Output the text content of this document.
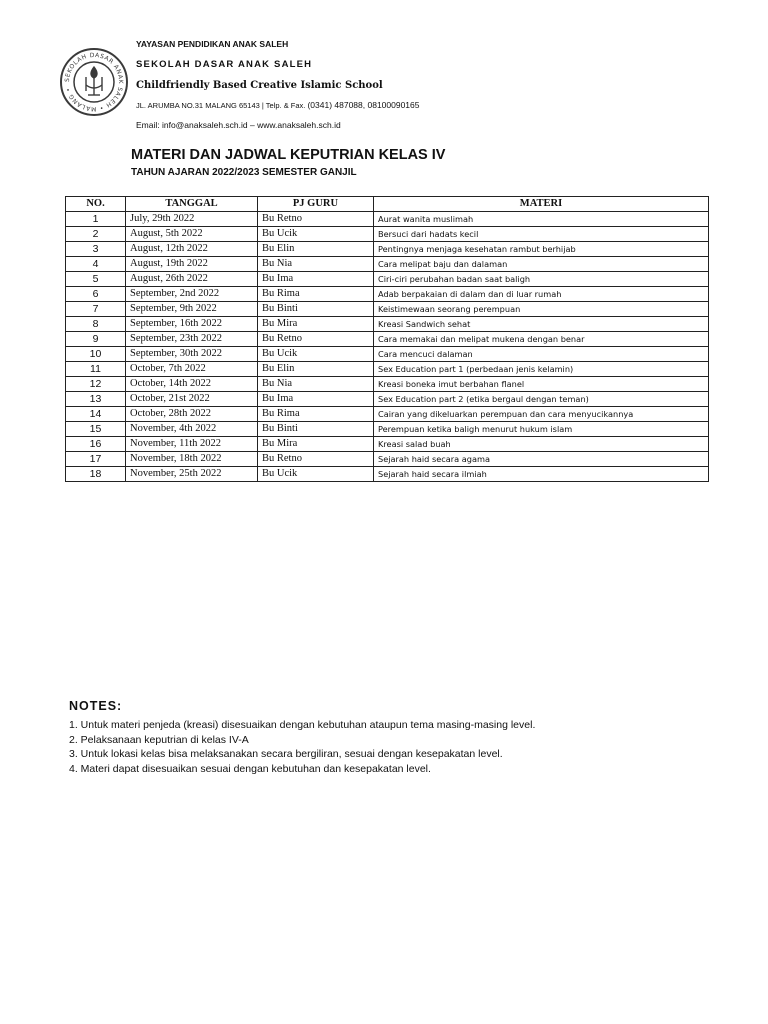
SEKOLAH DASAR ANAK SALEH • MALANG •
YAYASAN PENDIDIKAN ANAK SALEH
SEKOLAH DASAR ANAK SALEH
Childfriendly Based Creative Islamic School
JL. ARUMBA NO.31 MALANG 65143 | Telp. & Fax. (0341) 487088, 08100090165
Email: info@anaksaleh.sch.id – www.anaksaleh.sch.id
MATERI DAN JADWAL KEPUTRIAN KELAS IV
TAHUN AJARAN 2022/2023 SEMESTER GANJIL
NO.	TANGGAL	PJ GURU	MATERI
1	July, 29th 2022	Bu Retno	Aurat wanita muslimah
2	August, 5th 2022	Bu Ucik	Bersuci dari hadats kecil
3	August, 12th 2022	Bu Elin	Pentingnya menjaga kesehatan rambut berhijab
4	August, 19th 2022	Bu Nia	Cara melipat baju dan dalaman
5	August, 26th 2022	Bu Ima	Ciri-ciri perubahan badan saat baligh
6	September, 2nd 2022	Bu Rima	Adab berpakaian di dalam dan di luar rumah
7	September, 9th 2022	Bu Binti	Keistimewaan seorang perempuan
8	September, 16th 2022	Bu Mira	Kreasi Sandwich sehat
9	September, 23th 2022	Bu Retno	Cara memakai dan melipat mukena dengan benar
10	September, 30th 2022	Bu Ucik	Cara mencuci dalaman
11	October, 7th 2022	Bu Elin	Sex Education part 1 (perbedaan jenis kelamin)
12	October, 14th 2022	Bu Nia	Kreasi boneka imut berbahan flanel
13	October, 21st 2022	Bu Ima	Sex Education part 2 (etika bergaul dengan teman)
14	October, 28th 2022	Bu Rima	Cairan yang dikeluarkan perempuan dan cara menyucikannya
15	November, 4th 2022	Bu Binti	Perempuan ketika baligh menurut hukum islam
16	November, 11th 2022	Bu Mira	Kreasi salad buah
17	November, 18th 2022	Bu Retno	Sejarah haid secara agama
18	November, 25th 2022	Bu Ucik	Sejarah haid secara ilmiah
NOTES:
1. Untuk materi penjeda (kreasi) disesuaikan dengan kebutuhan ataupun tema masing-masing level.
2. Pelaksanaan keputrian di kelas IV-A
3. Untuk lokasi kelas bisa melaksanakan secara bergiliran, sesuai dengan kesepakatan level.
4. Materi dapat disesuaikan sesuai dengan kebutuhan dan kesepakatan level.
